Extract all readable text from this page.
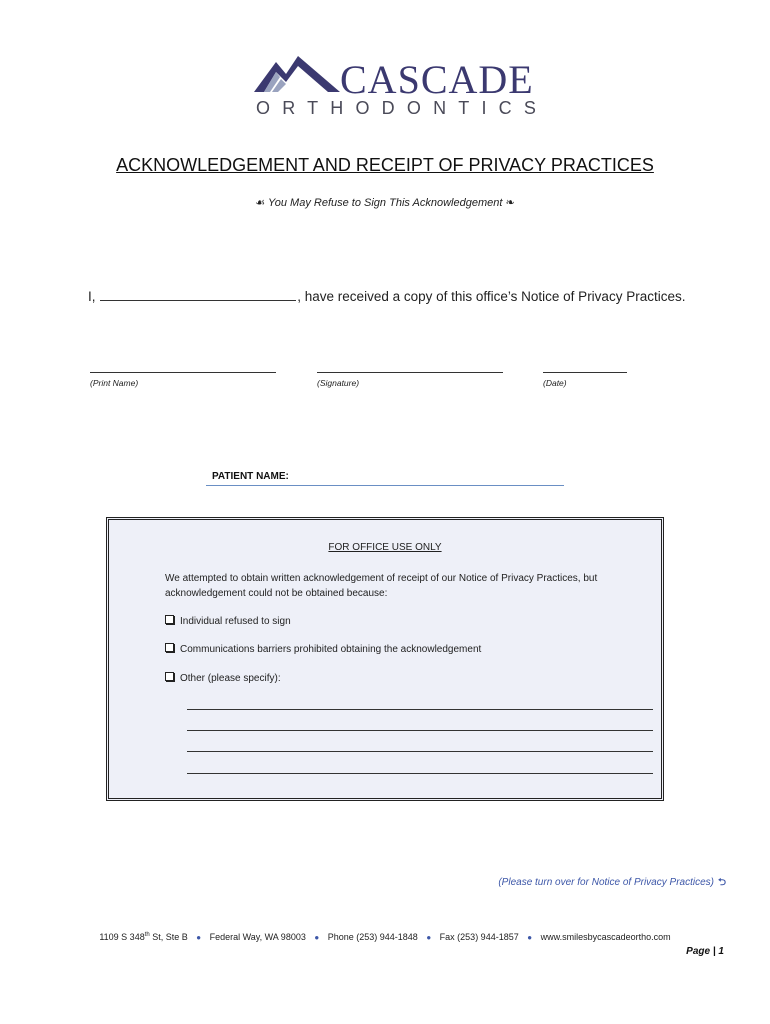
CASCADE
ORTHODONTICS
ACKNOWLEDGEMENT AND RECEIPT OF PRIVACY PRACTICES
☙ You May Refuse to Sign This Acknowledgement ❧
I,	, have received a copy of this office’s Notice of Privacy Practices.
(Print Name)	(Signature)	(Date)
PATIENT NAME:
FOR OFFICE USE ONLY
We attempted to obtain written acknowledgement of receipt of our Notice of Privacy Practices, but acknowledgement could not be obtained because:
Individual refused to sign
Communications barriers prohibited obtaining the acknowledgement
Other (please specify):
(Please turn over for Notice of Privacy Practices) ⮌
1109 S 348th St, Ste B ● Federal Way, WA 98003 ● Phone (253) 944-1848 ● Fax (253) 944-1857 ● www.smilesbycascadeortho.com
Page | 1
